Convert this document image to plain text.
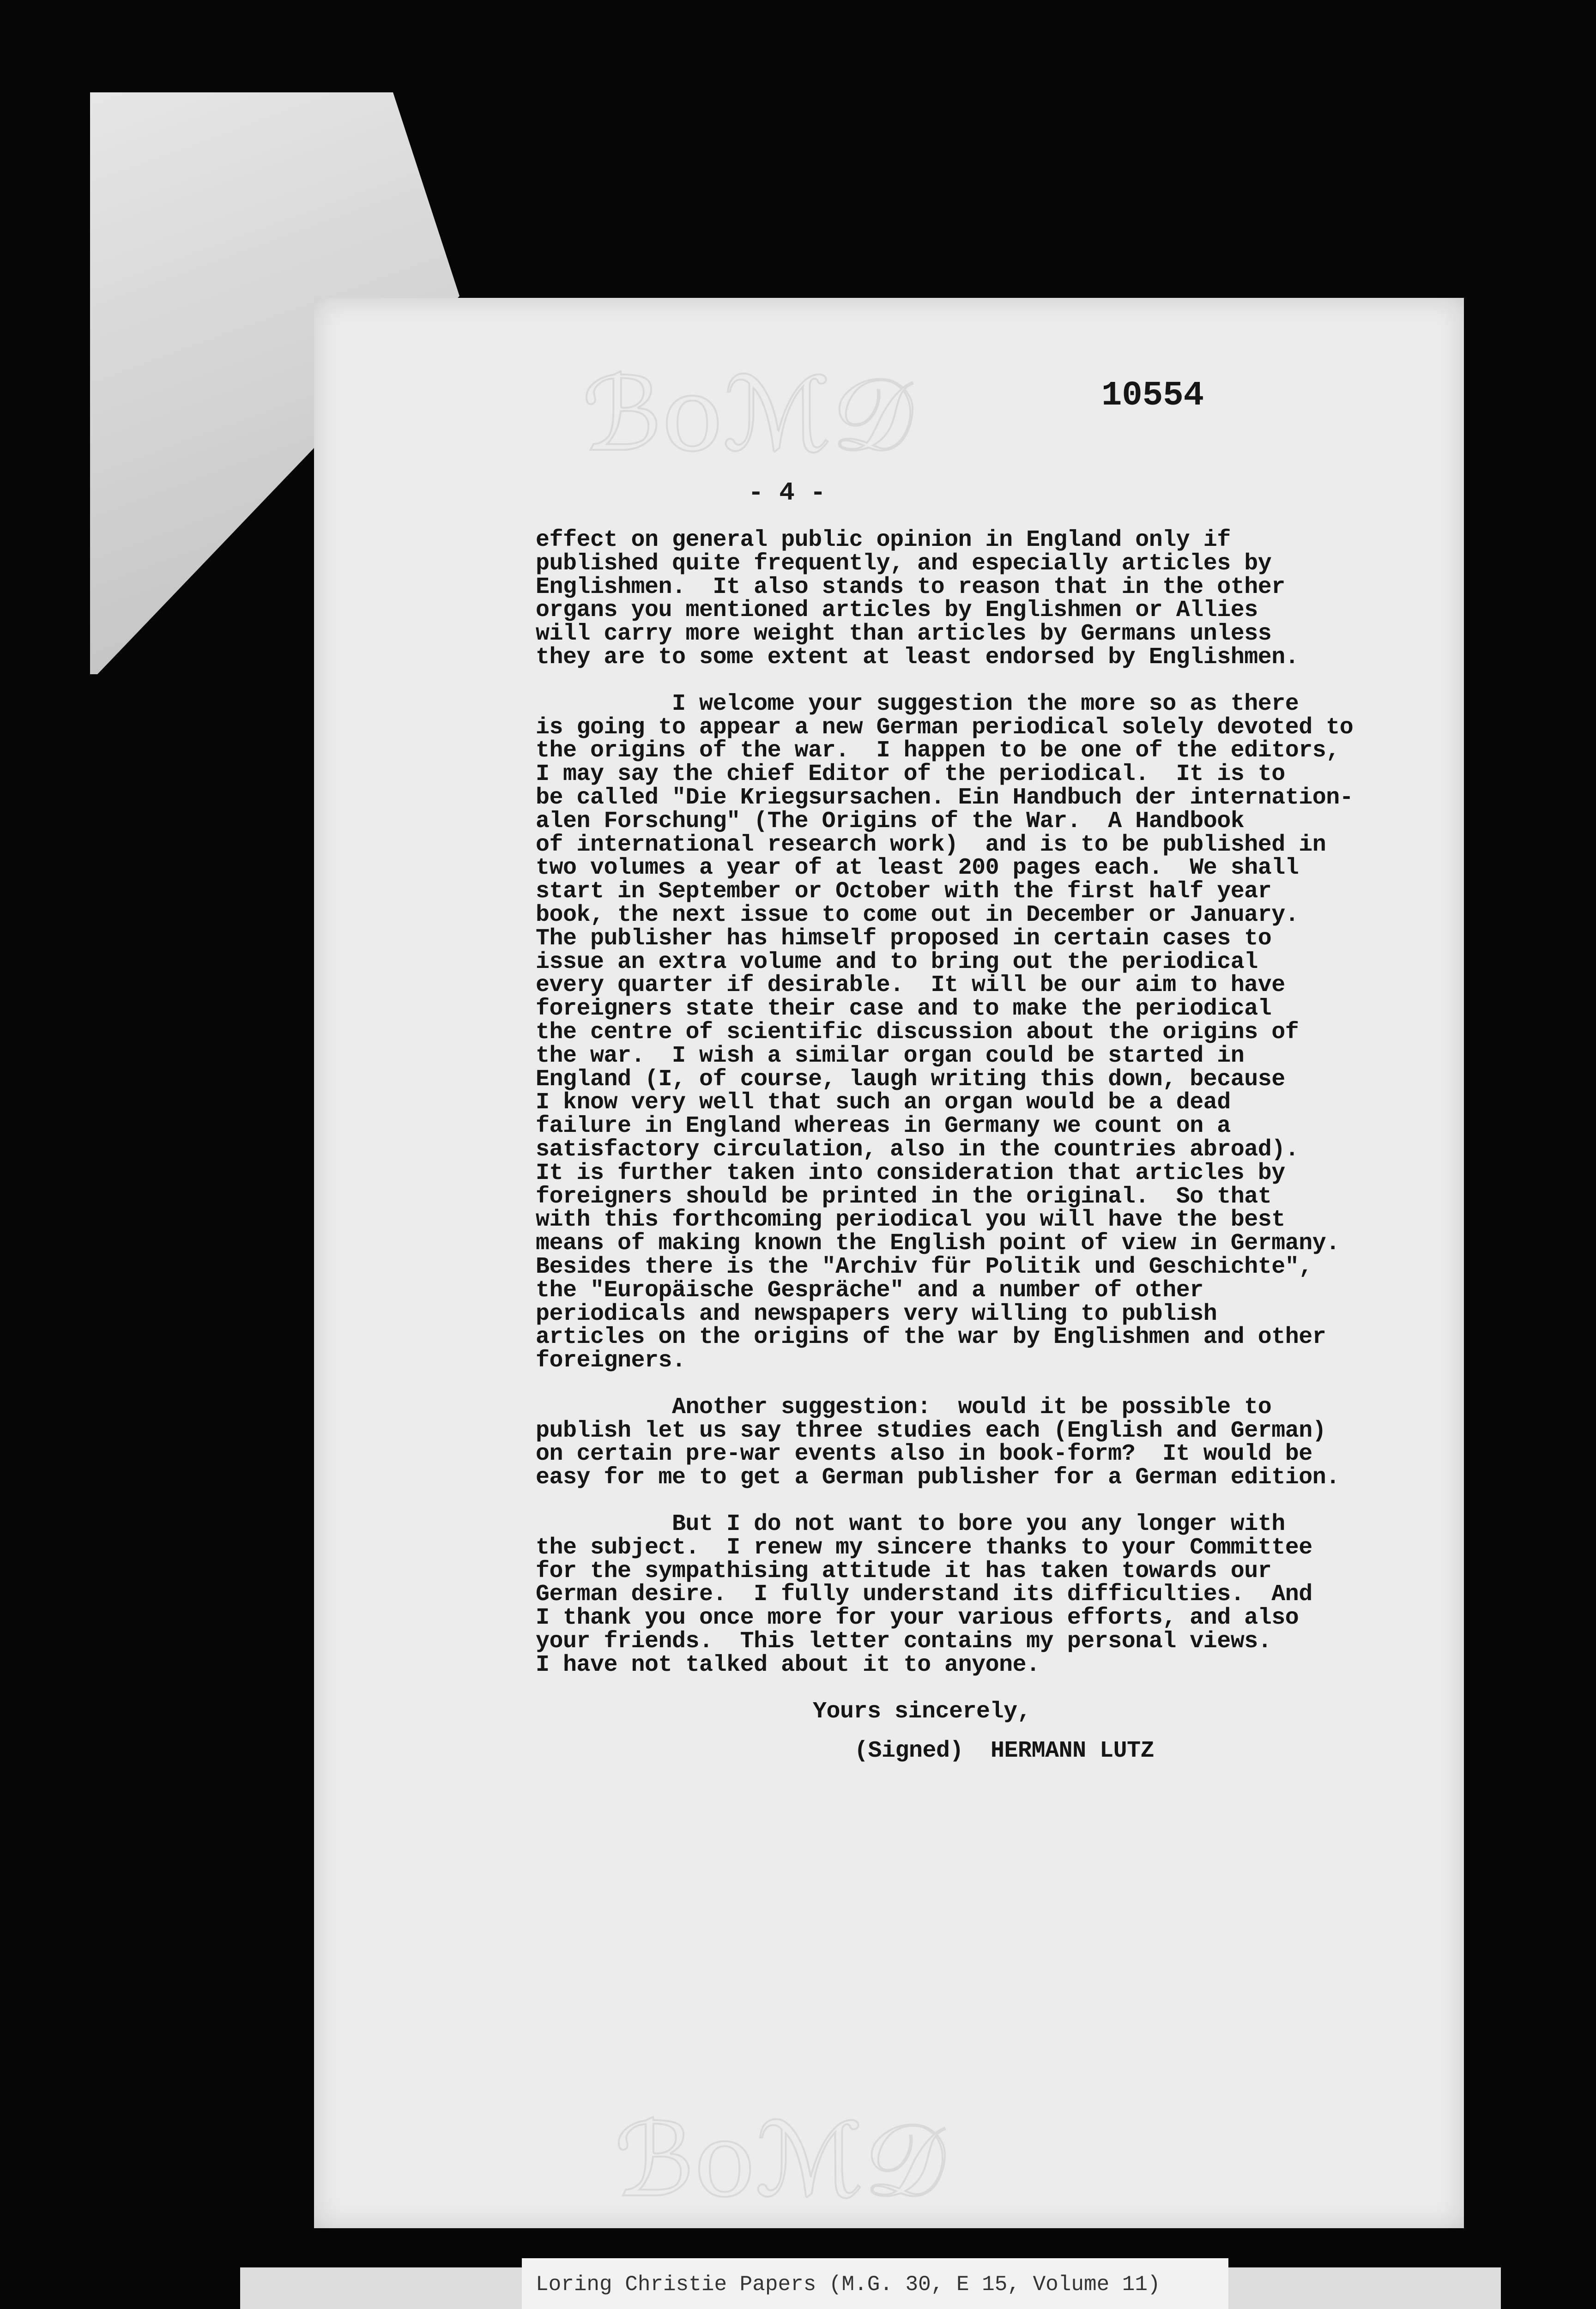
ℬoℳ𝒟
ℬoℳ𝒟
10554
- 4 -
effect on general public opinion in England only if
published quite frequently, and especially articles by
Englishmen.  It also stands to reason that in the other
organs you mentioned articles by Englishmen or Allies
will carry more weight than articles by Germans unless
they are to some extent at least endorsed by Englishmen.
I welcome your suggestion the more so as there
is going to appear a new German periodical solely devoted to
the origins of the war.  I happen to be one of the editors,
I may say the chief Editor of the periodical.  It is to
be called "Die Kriegsursachen. Ein Handbuch der internation-
alen Forschung" (The Origins of the War.  A Handbook
of international research work)  and is to be published in
two volumes a year of at least 200 pages each.  We shall
start in September or October with the first half year
book, the next issue to come out in December or January.
The publisher has himself proposed in certain cases to
issue an extra volume and to bring out the periodical
every quarter if desirable.  It will be our aim to have
foreigners state their case and to make the periodical
the centre of scientific discussion about the origins of
the war.  I wish a similar organ could be started in
England (I, of course, laugh writing this down, because
I know very well that such an organ would be a dead
failure in England whereas in Germany we count on a
satisfactory circulation, also in the countries abroad).
It is further taken into consideration that articles by
foreigners should be printed in the original.  So that
with this forthcoming periodical you will have the best
means of making known the English point of view in Germany.
Besides there is the "Archiv für Politik und Geschichte",
the "Europäische Gespräche" and a number of other
periodicals and newspapers very willing to publish
articles on the origins of the war by Englishmen and other
foreigners.
Another suggestion:  would it be possible to
publish let us say three studies each (English and German)
on certain pre-war events also in book-form?  It would be
easy for me to get a German publisher for a German edition.
But I do not want to bore you any longer with
the subject.  I renew my sincere thanks to your Committee
for the sympathising attitude it has taken towards our
German desire.  I fully understand its difficulties.  And
I thank you once more for your various efforts, and also
your friends.  This letter contains my personal views.
I have not talked about it to anyone.
Yours sincerely,
(Signed)  HERMANN LUTZ
Loring Christie Papers (M.G. 30, E 15, Volume 11)
